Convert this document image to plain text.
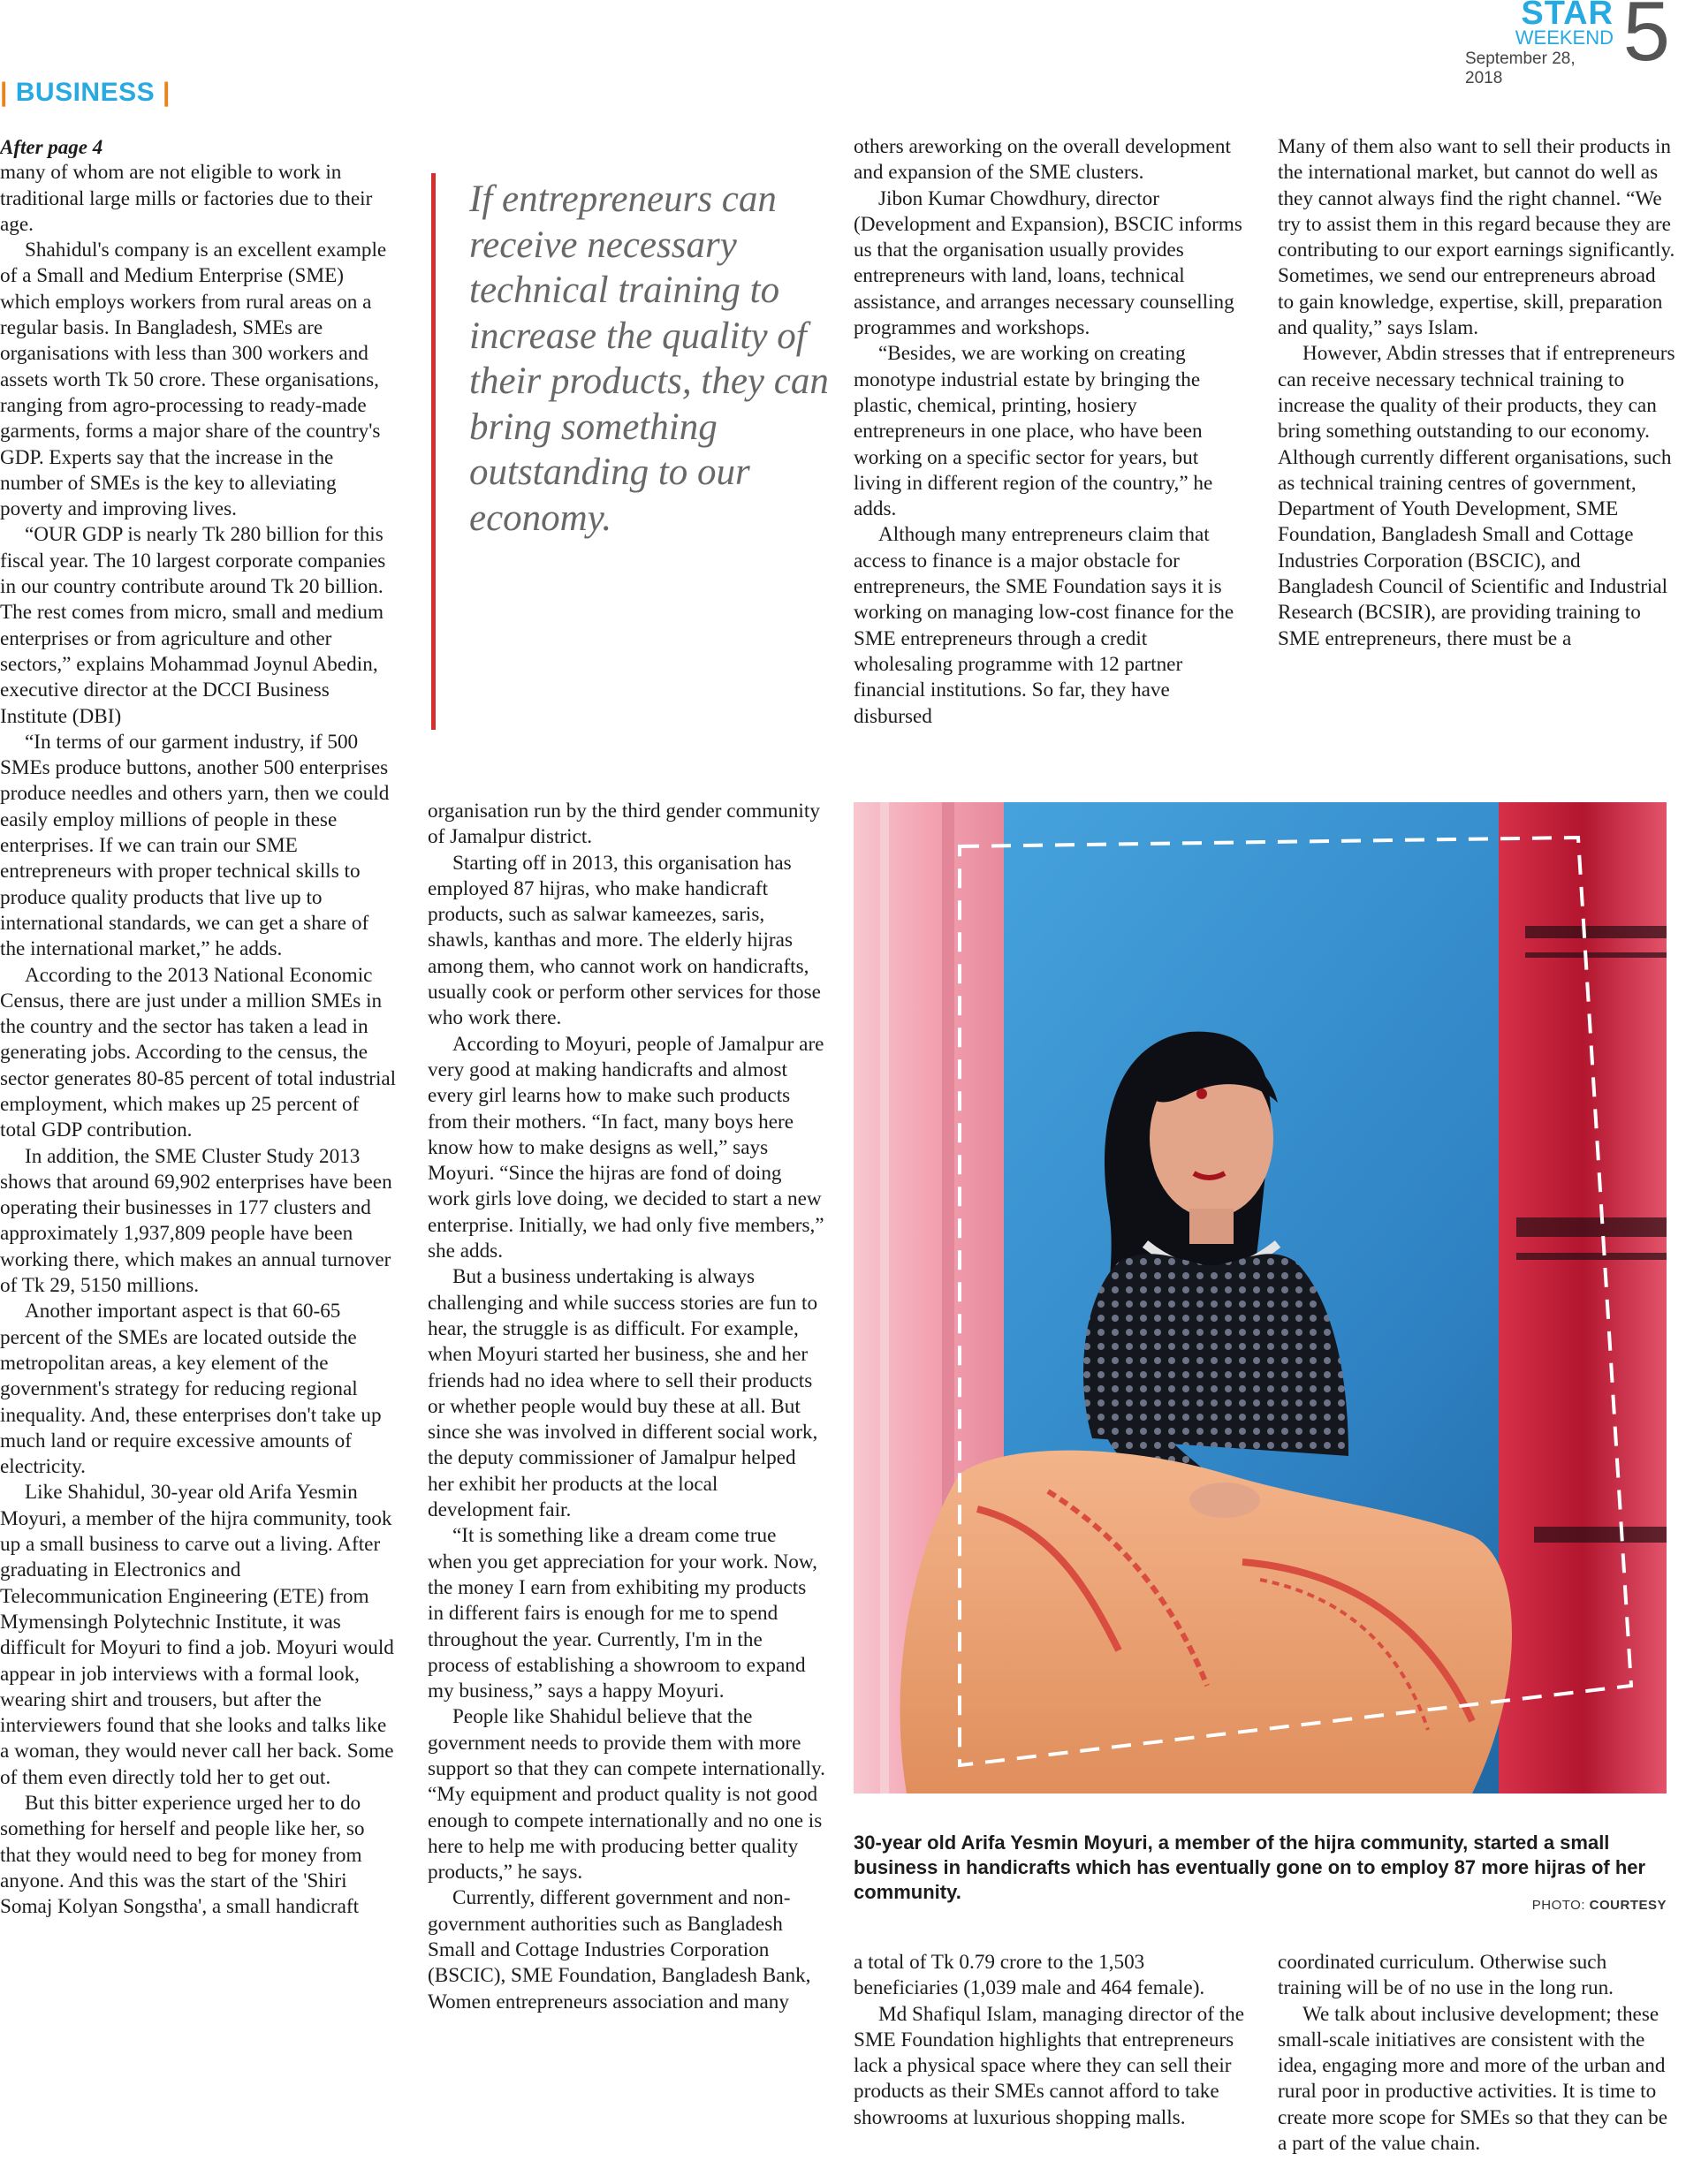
STAR
WEEKEND
September 28, 2018	5
| BUSINESS |
After page 4

many of whom are not eligible to work in traditional large mills or factories due to their age.

Shahidul's company is an excellent example of a Small and Medium Enterprise (SME) which employs workers from rural areas on a regular basis. In Bangladesh, SMEs are organisations with less than 300 workers and assets worth Tk 50 crore. These organisations, ranging from agro-processing to ready-made garments, forms a major share of the country's GDP. Experts say that the increase in the number of SMEs is the key to alleviating poverty and improving lives.

“OUR GDP is nearly Tk 280 billion for this fiscal year. The 10 largest corporate companies in our country contribute around Tk 20 billion. The rest comes from micro, small and medium enterprises or from agriculture and other sectors,” explains Mohammad Joynul Abedin, executive director at the DCCI Business Institute (DBI)

“In terms of our garment industry, if 500 SMEs produce buttons, another 500 enterprises produce needles and others yarn, then we could easily employ millions of people in these enterprises. If we can train our SME entrepreneurs with proper technical skills to produce quality products that live up to international standards, we can get a share of the international market,” he adds.

According to the 2013 National Economic Census, there are just under a million SMEs in the country and the sector has taken a lead in generating jobs. According to the census, the sector generates 80-85 percent of total industrial employment, which makes up 25 percent of total GDP contribution.

In addition, the SME Cluster Study 2013 shows that around 69,902 enterprises have been operating their businesses in 177 clusters and approximately 1,937,809 people have been working there, which makes an annual turnover of Tk 29, 5150 millions.

Another important aspect is that 60-65 percent of the SMEs are located outside the metropolitan areas, a key element of the government's strategy for reducing regional inequality. And, these enterprises don't take up much land or require excessive amounts of electricity.

Like Shahidul, 30-year old Arifa Yesmin Moyuri, a member of the hijra community, took up a small business to carve out a living. After graduating in Electronics and Telecommunication Engineering (ETE) from Mymensingh Polytechnic Institute, it was difficult for Moyuri to find a job. Moyuri would appear in job interviews with a formal look, wearing shirt and trousers, but after the interviewers found that she looks and talks like a woman, they would never call her back. Some of them even directly told her to get out.

But this bitter experience urged her to do something for herself and people like her, so that they would need to beg for money from anyone. And this was the start of the 'Shiri Somaj Kolyan Songstha', a small handicraft

If entrepreneurs can receive necessary technical training to increase the quality of their products, they can bring something outstanding to our economy.

organisation run by the third gender community of Jamalpur district.

Starting off in 2013, this organisation has employed 87 hijras, who make handicraft products, such as salwar kameezes, saris, shawls, kanthas and more. The elderly hijras among them, who cannot work on handicrafts, usually cook or perform other services for those who work there.

According to Moyuri, people of Jamalpur are very good at making handicrafts and almost every girl learns how to make such products from their mothers. “In fact, many boys here know how to make designs as well,” says Moyuri. “Since the hijras are fond of doing work girls love doing, we decided to start a new enterprise. Initially, we had only five members,” she adds.

But a business undertaking is always challenging and while success stories are fun to hear, the struggle is as difficult. For example, when Moyuri started her business, she and her friends had no idea where to sell their products or whether people would buy these at all. But since she was involved in different social work, the deputy commissioner of Jamalpur helped her exhibit her products at the local development fair.

“It is something like a dream come true when you get appreciation for your work. Now, the money I earn from exhibiting my products in different fairs is enough for me to spend throughout the year. Currently, I'm in the process of establishing a showroom to expand my business,” says a happy Moyuri.

People like Shahidul believe that the government needs to provide them with more support so that they can compete internationally. “My equipment and product quality is not good enough to compete internationally and no one is here to help me with producing better quality products,” he says.

Currently, different government and non-government authorities such as Bangladesh Small and Cottage Industries Corporation (BSCIC), SME Foundation, Bangladesh Bank, Women entrepreneurs association and many

others areworking on the overall development and expansion of the SME clusters.

Jibon Kumar Chowdhury, director (Development and Expansion), BSCIC informs us that the organisation usually provides entrepreneurs with land, loans, technical assistance, and arranges necessary counselling programmes and workshops.

“Besides, we are working on creating monotype industrial estate by bringing the plastic, chemical, printing, hosiery entrepreneurs in one place, who have been working on a specific sector for years, but living in different region of the country,” he adds.

Although many entrepreneurs claim that access to finance is a major obstacle for entrepreneurs, the SME Foundation says it is working on managing low-cost finance for the SME entrepreneurs through a credit wholesaling programme with 12 partner financial institutions. So far, they have disbursed

Many of them also want to sell their products in the international market, but cannot do well as they cannot always find the right channel. “We try to assist them in this regard because they are contributing to our export earnings significantly. Sometimes, we send our entrepreneurs abroad to gain knowledge, expertise, skill, preparation and quality,” says Islam.

However, Abdin stresses that if entrepreneurs can receive necessary technical training to increase the quality of their products, they can bring something outstanding to our economy. Although currently different organisations, such as technical training centres of government, Department of Youth Development, SME Foundation, Bangladesh Small and Cottage Industries Corporation (BSCIC), and Bangladesh Council of Scientific and Industrial Research (BCSIR), are providing training to SME entrepreneurs, there must be a

30-year old Arifa Yesmin Moyuri, a member of the hijra community, started a small business in handicrafts which has eventually gone on to employ 87 more hijras of her community.
PHOTO: COURTESY

a total of Tk 0.79 crore to the 1,503 beneficiaries (1,039 male and 464 female).

Md Shafiqul Islam, managing director of the SME Foundation highlights that entrepreneurs lack a physical space where they can sell their products as their SMEs cannot afford to take showrooms at luxurious shopping malls.

coordinated curriculum. Otherwise such training will be of no use in the long run.

We talk about inclusive development; these small-scale initiatives are consistent with the idea, engaging more and more of the urban and rural poor in productive activities. It is time to create more scope for SMEs so that they can be a part of the value chain.
